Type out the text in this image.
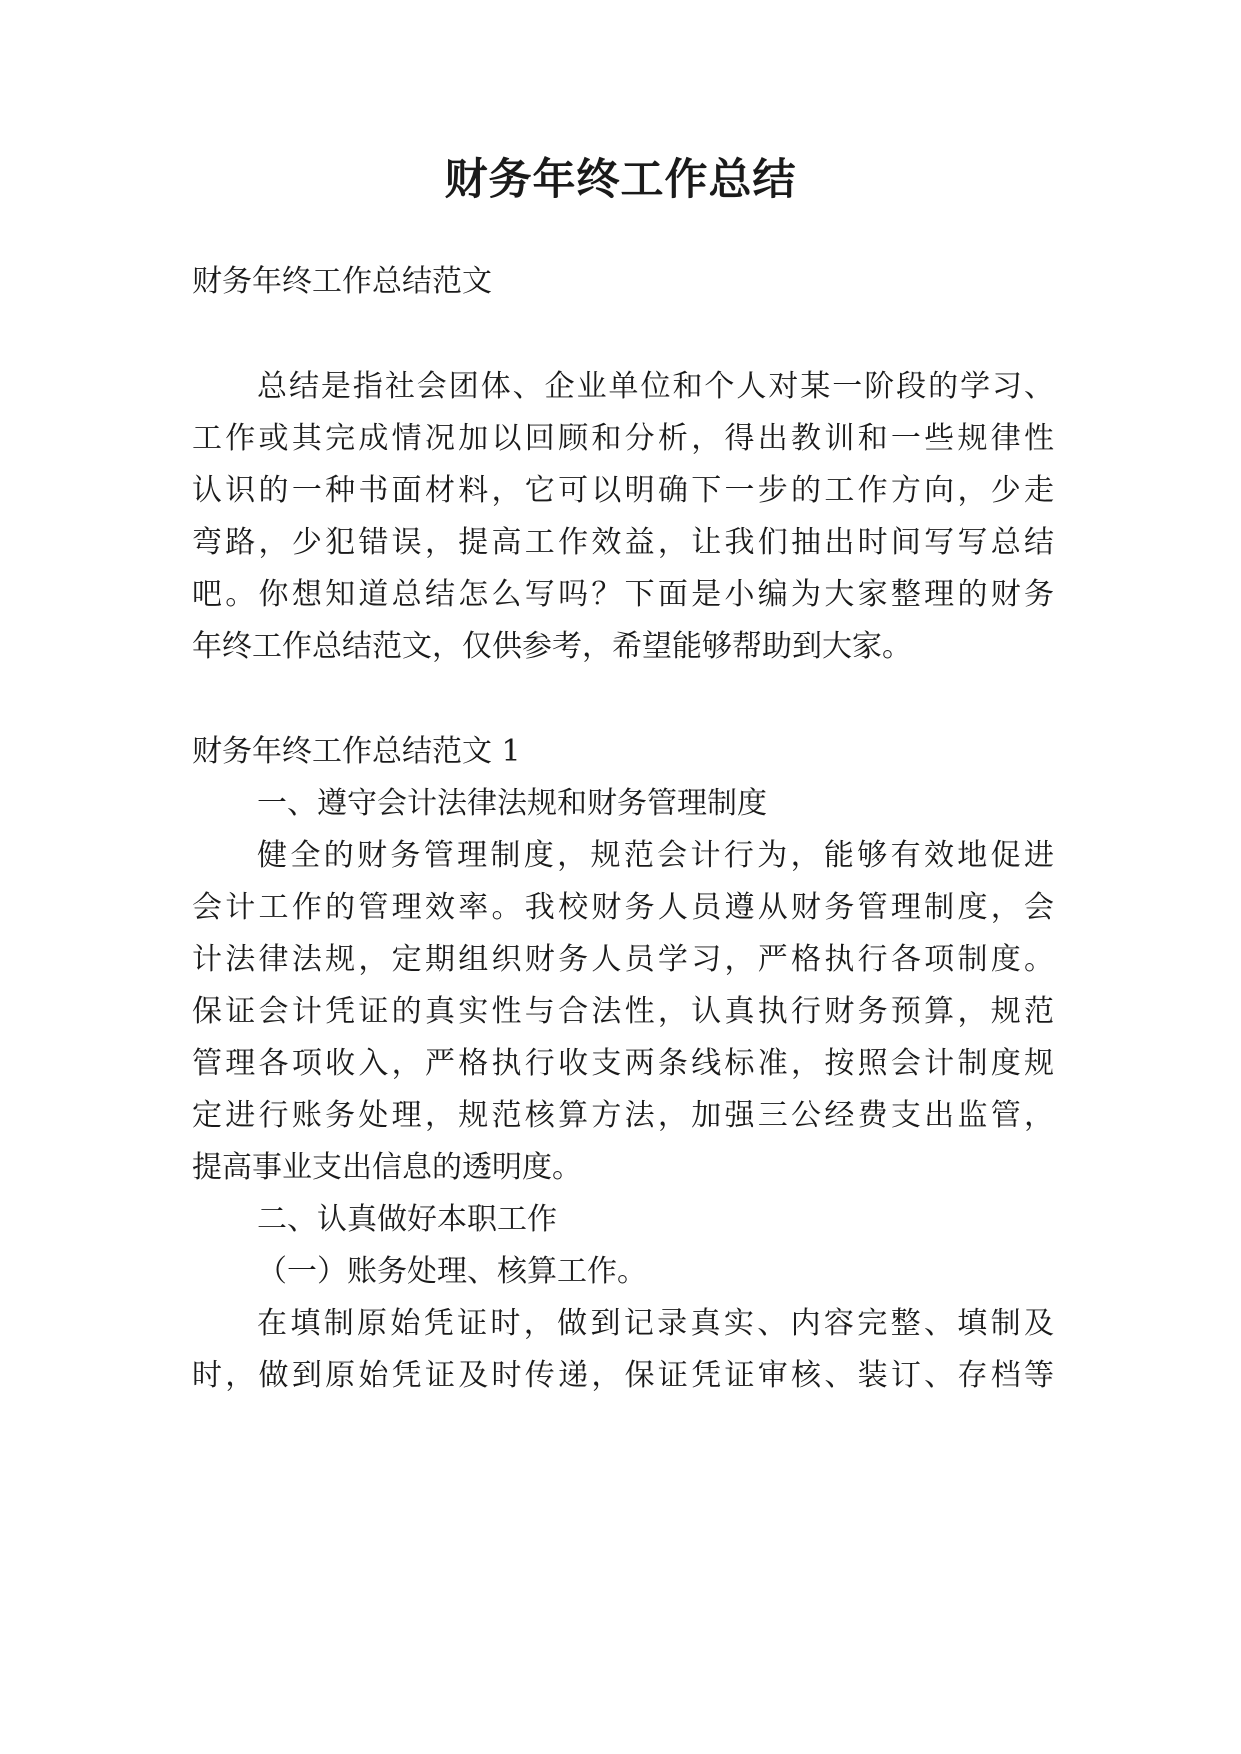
财务年终工作总结
财务年终工作总结范文
总结是指社会团体、企业单位和个人对某一阶段的学习、
工作或其完成情况加以回顾和分析，得出教训和一些规律性
认识的一种书面材料，它可以明确下一步的工作方向，少走
弯路，少犯错误，提高工作效益，让我们抽出时间写写总结
吧。你想知道总结怎么写吗？下面是小编为大家整理的财务
年终工作总结范文，仅供参考，希望能够帮助到大家。
财务年终工作总结范文 1
一、遵守会计法律法规和财务管理制度
健全的财务管理制度，规范会计行为，能够有效地促进
会计工作的管理效率。我校财务人员遵从财务管理制度，会
计法律法规，定期组织财务人员学习，严格执行各项制度。
保证会计凭证的真实性与合法性，认真执行财务预算，规范
管理各项收入，严格执行收支两条线标准，按照会计制度规
定进行账务处理，规范核算方法，加强三公经费支出监管，
提高事业支出信息的透明度。
二、认真做好本职工作
（一）账务处理、核算工作。
在填制原始凭证时，做到记录真实、内容完整、填制及
时，做到原始凭证及时传递，保证凭证审核、装订、存档等
